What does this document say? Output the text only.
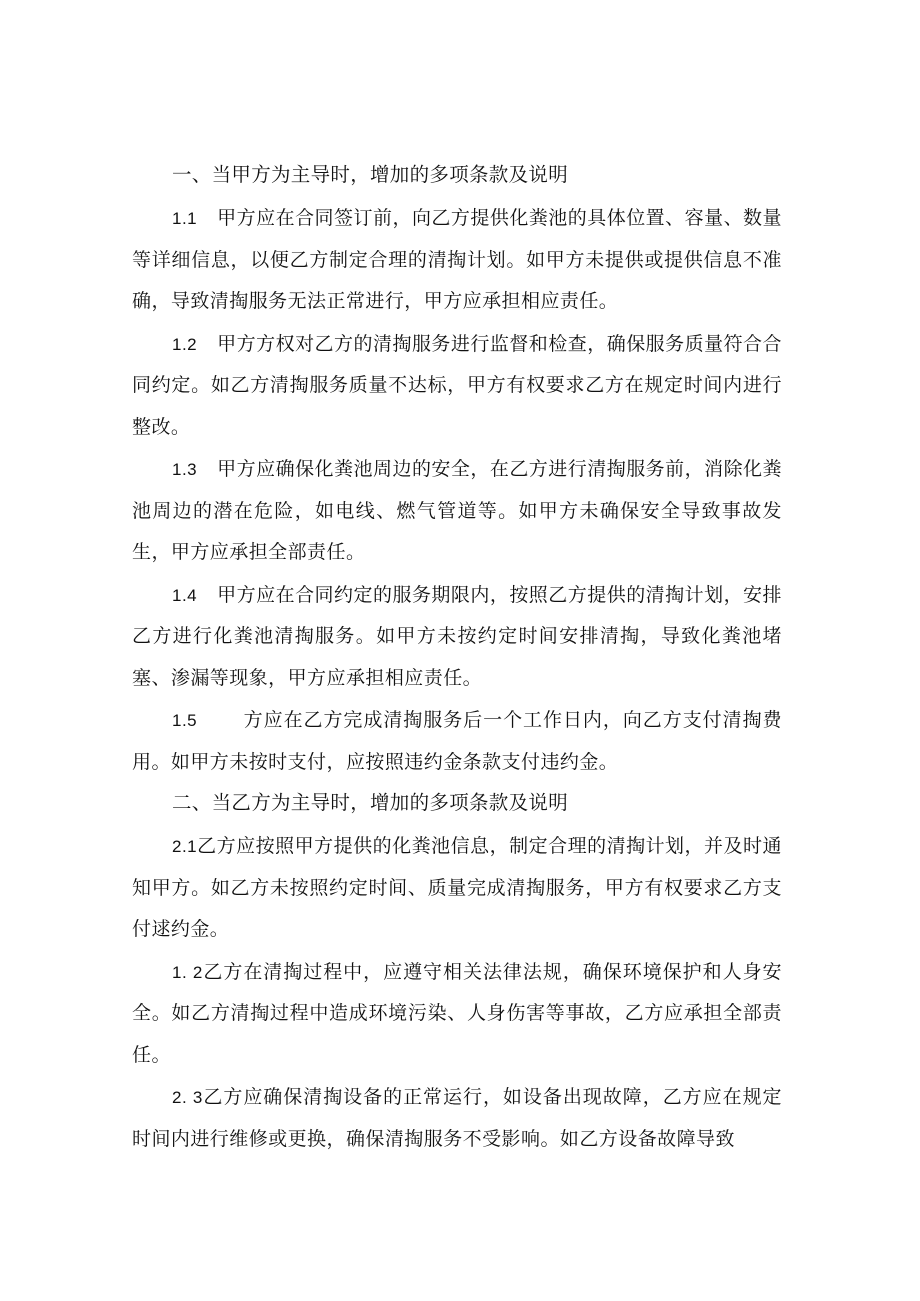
一、当甲方为主导时，增加的多项条款及说明

1.1 甲方应在合同签订前，向乙方提供化粪池的具体位置、容量、数量等详细信息，以便乙方制定合理的清掏计划。如甲方未提供或提供信息不准确，导致清掏服务无法正常进行，甲方应承担相应责任。

1.2 甲方方权对乙方的清掏服务进行监督和检查，确保服务质量符合合同约定。如乙方清掏服务质量不达标，甲方有权要求乙方在规定时间内进行整改。

1.3 甲方应确保化粪池周边的安全，在乙方进行清掏服务前，消除化粪池周边的潜在危险，如电线、燃气管道等。如甲方未确保安全导致事故发生，甲方应承担全部责任。

1.4 甲方应在合同约定的服务期限内，按照乙方提供的清掏计划，安排乙方进行化粪池清掏服务。如甲方未按约定时间安排清掏，导致化粪池堵塞、渗漏等现象，甲方应承担相应责任。

1.5 方应在乙方完成清掏服务后一个工作日内，向乙方支付清掏费用。如甲方未按时支付，应按照违约金条款支付违约金。

二、当乙方为主导时，增加的多项条款及说明

2.1乙方应按照甲方提供的化粪池信息，制定合理的清掏计划，并及时通知甲方。如乙方未按照约定时间、质量完成清掏服务，甲方有权要求乙方支付逑约金。

1. 2乙方在清掏过程中，应遵守相关法律法规，确保环境保护和人身安全。如乙方清掏过程中造成环境污染、人身伤害等事故，乙方应承担全部责任。

2. 3乙方应确保清掏设备的正常运行，如设备出现故障，乙方应在规定时间内进行维修或更换，确保清掏服务不受影响。如乙方设备故障导致
